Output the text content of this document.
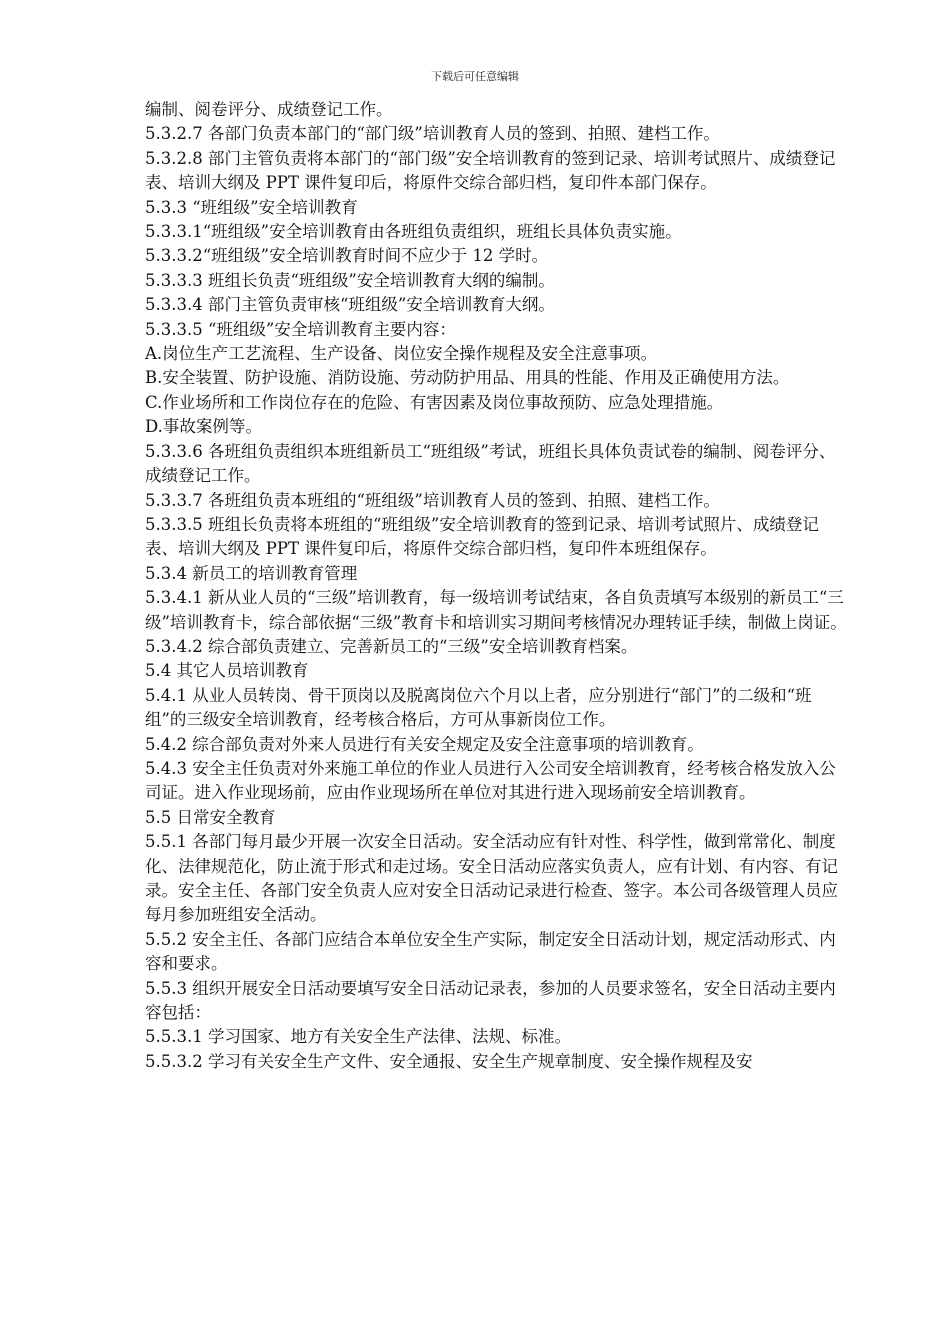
下载后可任意编辑

编制、阅卷评分、成绩登记工作。

5.3.2.7 各部门负责本部门的“部门级”培训教育人员的签到、拍照、建档工作。

5.3.2.8 部门主管负责将本部门的“部门级”安全培训教育的签到记录、培训考试照片、成绩登记表、培训大纲及 PPT 课件复印后，将原件交综合部归档，复印件本部门保存。

5.3.3 “班组级”安全培训教育

5.3.3.1“班组级”安全培训教育由各班组负责组织，班组长具体负责实施。

5.3.3.2“班组级”安全培训教育时间不应少于 12 学时。

5.3.3.3 班组长负责“班组级”安全培训教育大纲的编制。

5.3.3.4 部门主管负责审核“班组级”安全培训教育大纲。

5.3.3.5 “班组级”安全培训教育主要内容：

A.岗位生产工艺流程、生产设备、岗位安全操作规程及安全注意事项。

B.安全装置、防护设施、消防设施、劳动防护用品、用具的性能、作用及正确使用方法。

C.作业场所和工作岗位存在的危险、有害因素及岗位事故预防、应急处理措施。

D.事故案例等。

5.3.3.6 各班组负责组织本班组新员工“班组级”考试，班组长具体负责试卷的编制、阅卷评分、成绩登记工作。

5.3.3.7 各班组负责本班组的“班组级”培训教育人员的签到、拍照、建档工作。

5.3.3.5 班组长负责将本班组的“班组级”安全培训教育的签到记录、培训考试照片、成绩登记表、培训大纲及 PPT 课件复印后，将原件交综合部归档，复印件本班组保存。

5.3.4 新员工的培训教育管理

5.3.4.1 新从业人员的“三级”培训教育，每一级培训考试结束，各自负责填写本级别的新员工“三级”培训教育卡，综合部依据“三级”教育卡和培训实习期间考核情况办理转证手续，制做上岗证。

5.3.4.2 综合部负责建立、完善新员工的“三级”安全培训教育档案。

5.4 其它人员培训教育

5.4.1 从业人员转岗、骨干顶岗以及脱离岗位六个月以上者，应分别进行“部门”的二级和“班组”的三级安全培训教育，经考核合格后，方可从事新岗位工作。

5.4.2 综合部负责对外来人员进行有关安全规定及安全注意事项的培训教育。

5.4.3 安全主任负责对外来施工单位的作业人员进行入公司安全培训教育，经考核合格发放入公司证。进入作业现场前，应由作业现场所在单位对其进行进入现场前安全培训教育。

5.5 日常安全教育

5.5.1 各部门每月最少开展一次安全日活动。安全活动应有针对性、科学性，做到常常化、制度化、法律规范化，防止流于形式和走过场。安全日活动应落实负责人，应有计划、有内容、有记录。安全主任、各部门安全负责人应对安全日活动记录进行检查、签字。本公司各级管理人员应每月参加班组安全活动。

5.5.2 安全主任、各部门应结合本单位安全生产实际，制定安全日活动计划，规定活动形式、内容和要求。

5.5.3 组织开展安全日活动要填写安全日活动记录表，参加的人员要求签名，安全日活动主要内容包括：

5.5.3.1 学习国家、地方有关安全生产法律、法规、标准。

5.5.3.2 学习有关安全生产文件、安全通报、安全生产规章制度、安全操作规程及安
